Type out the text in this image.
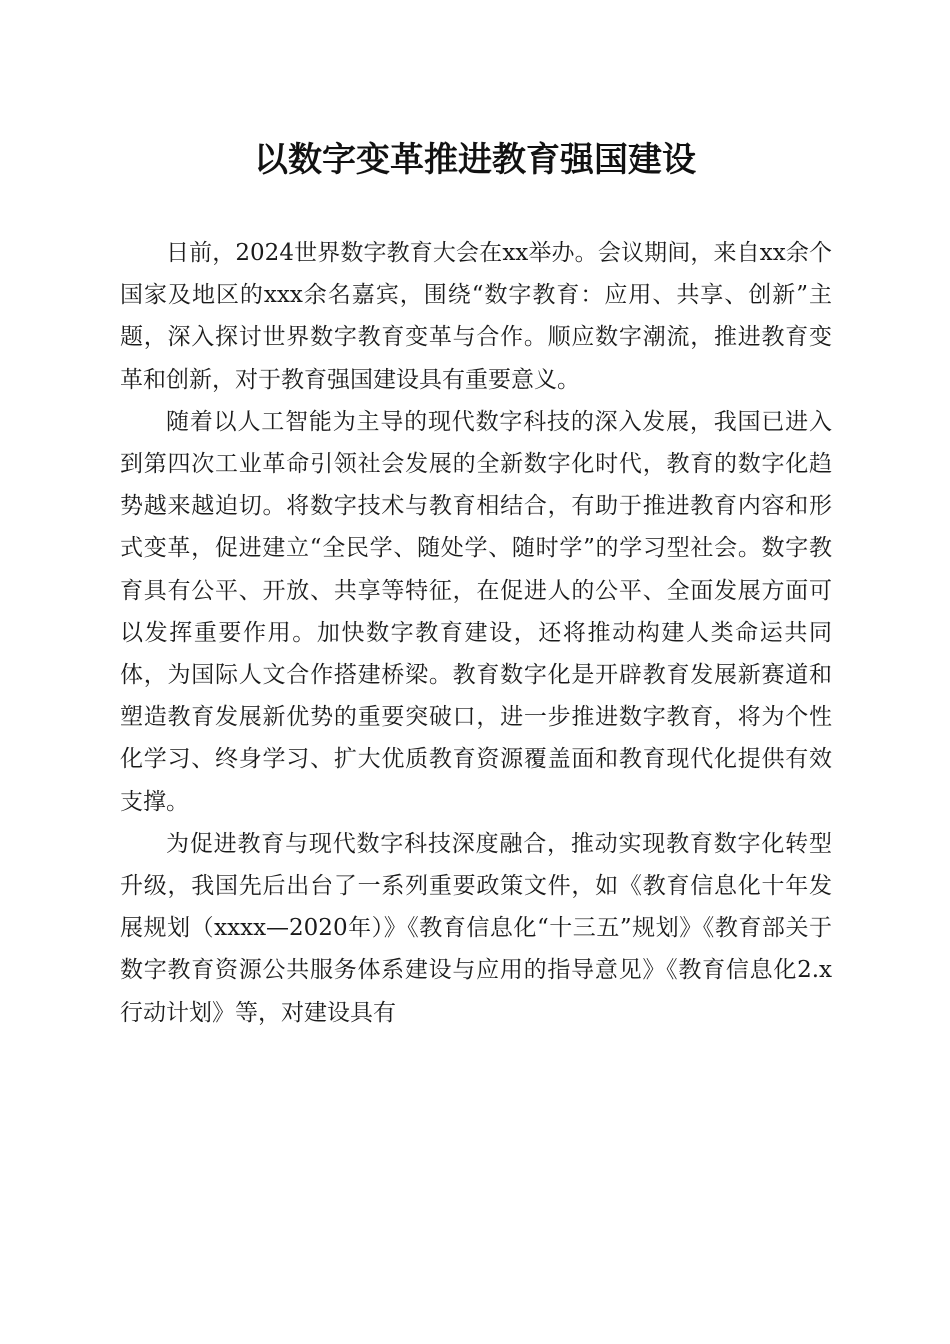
以数字变革推进教育强国建设

日前，2024世界数字教育大会在xx举办。会议期间，来自xx余个国家及地区的xxx余名嘉宾，围绕“数字教育：应用、共享、创新”主题，深入探讨世界数字教育变革与合作。顺应数字潮流，推进教育变革和创新，对于教育强国建设具有重要意义。

随着以人工智能为主导的现代数字科技的深入发展，我国已进入到第四次工业革命引领社会发展的全新数字化时代，教育的数字化趋势越来越迫切。将数字技术与教育相结合，有助于推进教育内容和形式变革，促进建立“全民学、随处学、随时学”的学习型社会。数字教育具有公平、开放、共享等特征，在促进人的公平、全面发展方面可以发挥重要作用。加快数字教育建设，还将推动构建人类命运共同体，为国际人文合作搭建桥梁。教育数字化是开辟教育发展新赛道和塑造教育发展新优势的重要突破口，进一步推进数字教育，将为个性化学习、终身学习、扩大优质教育资源覆盖面和教育现代化提供有效支撑。

为促进教育与现代数字科技深度融合，推动实现教育数字化转型升级，我国先后出台了一系列重要政策文件，如《教育信息化十年发展规划（xxxx—2020年）》《教育信息化“十三五”规划》《教育部关于数字教育资源公共服务体系建设与应用的指导意见》《教育信息化2.x行动计划》等，对建设具有
